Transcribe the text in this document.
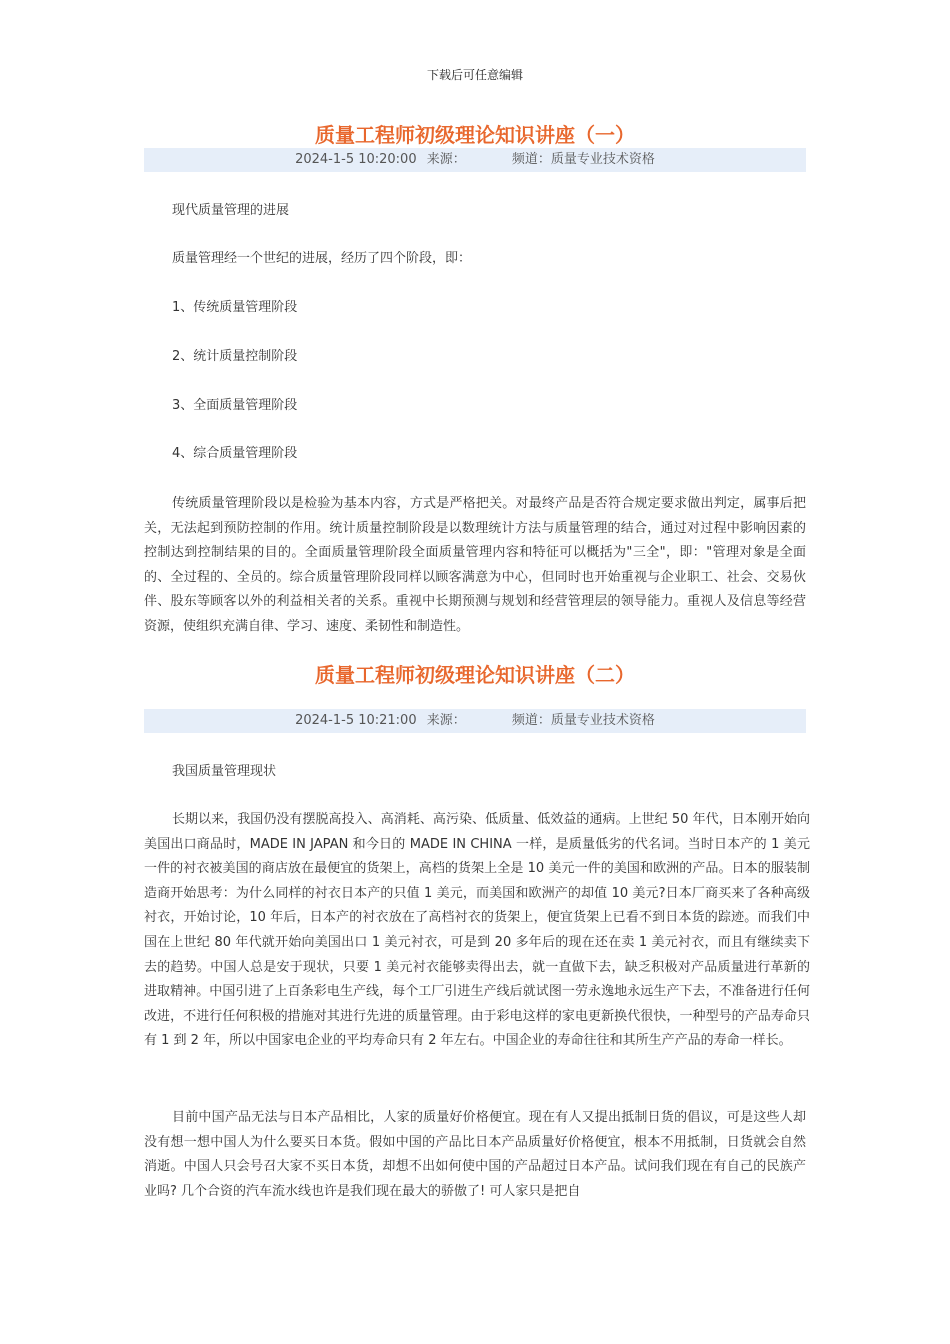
下载后可任意编辑
质量工程师初级理论知识讲座（一）
2024-1-5 10:20:00 来源：	频道：质量专业技术资格

现代质量管理的进展

质量管理经一个世纪的进展，经历了四个阶段，即：

1、传统质量管理阶段

2、统计质量控制阶段

3、全面质量管理阶段

4、综合质量管理阶段

传统质量管理阶段以是检验为基本内容，方式是严格把关。对最终产品是否符合规定要求做出判定，属事后把关，无法起到预防控制的作用。统计质量控制阶段是以数理统计方法与质量管理的结合，通过对过程中影响因素的控制达到控制结果的目的。全面质量管理阶段全面质量管理内容和特征可以概括为"三全"，即："管理对象是全面的、全过程的、全员的。综合质量管理阶段同样以顾客满意为中心，但同时也开始重视与企业职工、社会、交易伙伴、股东等顾客以外的利益相关者的关系。重视中长期预测与规划和经营管理层的领导能力。重视人及信息等经营资源，使组织充满自律、学习、速度、柔韧性和制造性。

质量工程师初级理论知识讲座（二）
2024-1-5 10:21:00 来源：	频道：质量专业技术资格

我国质量管理现状

长期以来，我国仍没有摆脱高投入、高消耗、高污染、低质量、低效益的通病。上世纪 50 年代，日本刚开始向美国出口商品时，MADE IN JAPAN 和今日的 MADE IN CHINA 一样，是质量低劣的代名词。当时日本产的 1 美元一件的衬衣被美国的商店放在最便宜的货架上，高档的货架上全是 10 美元一件的美国和欧洲的产品。日本的服装制造商开始思考：为什么同样的衬衣日本产的只值 1 美元，而美国和欧洲产的却值 10 美元?日本厂商买来了各种高级衬衣，开始讨论，10 年后，日本产的衬衣放在了高档衬衣的货架上，便宜货架上已看不到日本货的踪迹。而我们中国在上世纪 80 年代就开始向美国出口 1 美元衬衣，可是到 20 多年后的现在还在卖 1 美元衬衣，而且有继续卖下去的趋势。中国人总是安于现状，只要 1 美元衬衣能够卖得出去，就一直做下去，缺乏积极对产品质量进行革新的进取精神。中国引进了上百条彩电生产线，每个工厂引进生产线后就试图一劳永逸地永远生产下去，不准备进行任何改进，不进行任何积极的措施对其进行先进的质量管理。由于彩电这样的家电更新换代很快，一种型号的产品寿命只有 1 到 2 年，所以中国家电企业的平均寿命只有 2 年左右。中国企业的寿命往往和其所生产产品的寿命一样长。

目前中国产品无法与日本产品相比，人家的质量好价格便宜。现在有人又提出抵制日货的倡议，可是这些人却没有想一想中国人为什么要买日本货。假如中国的产品比日本产品质量好价格便宜，根本不用抵制，日货就会自然消逝。中国人只会号召大家不买日本货，却想不出如何使中国的产品超过日本产品。试问我们现在有自己的民族产业吗? 几个合资的汽车流水线也许是我们现在最大的骄傲了! 可人家只是把自
